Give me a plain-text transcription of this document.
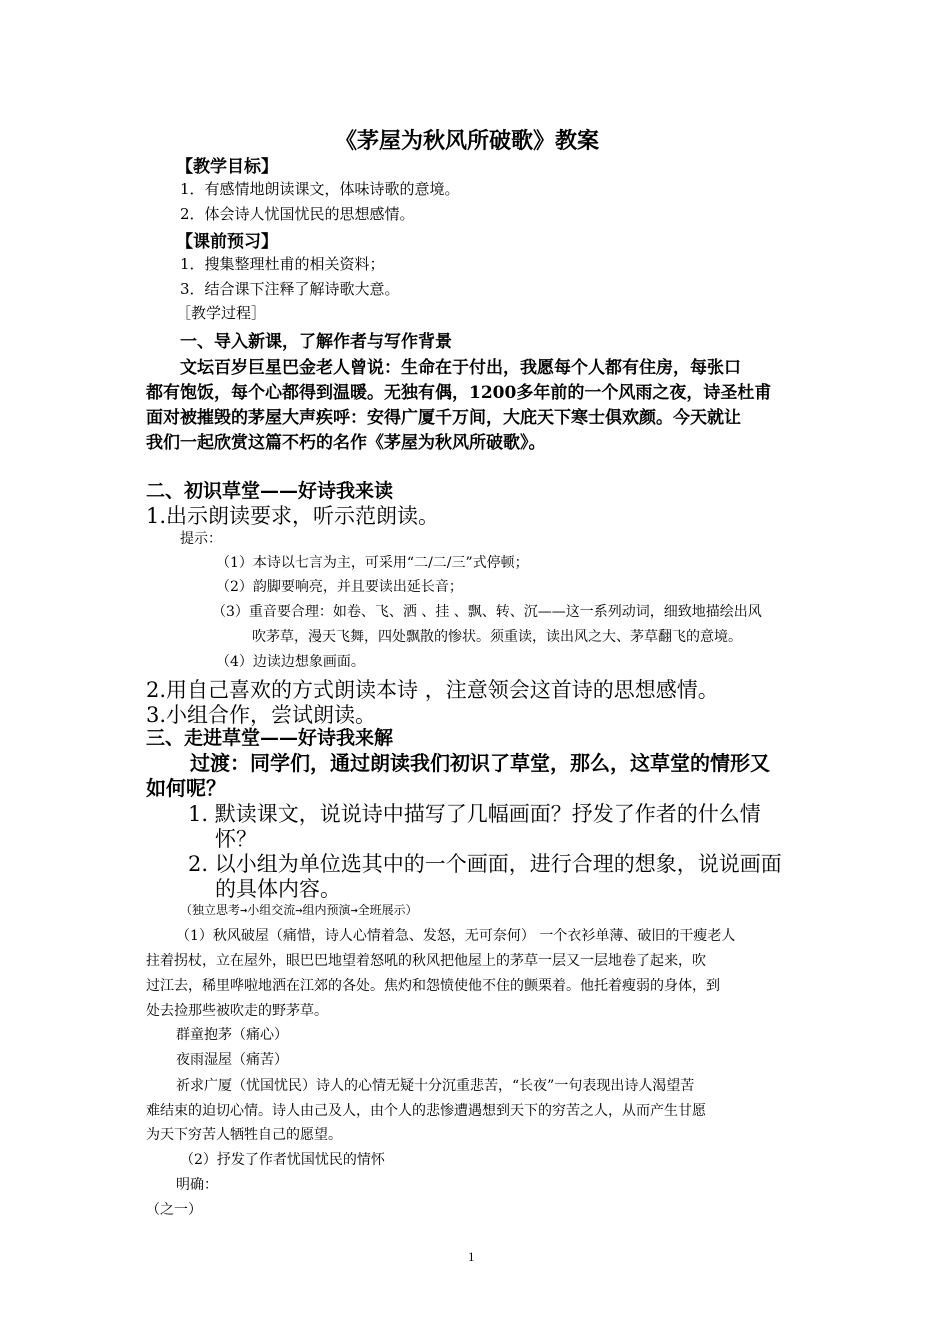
《茅屋为秋风所破歌》教案
【教学目标】
1．有感情地朗读课文，体味诗歌的意境。
2．体会诗人忧国忧民的思想感情。
【课前预习】
1．搜集整理杜甫的相关资料；
3．结合课下注释了解诗歌大意。
［教学过程］
一、导入新课，了解作者与写作背景
文坛百岁巨星巴金老人曾说：生命在于付出，我愿每个人都有住房，每张口
都有饱饭，每个心都得到温暖。无独有偶，1200多年前的一个风雨之夜，诗圣杜甫
面对被摧毁的茅屋大声疾呼：安得广厦千万间，大庇天下寒士俱欢颜。今天就让
我们一起欣赏这篇不朽的名作《茅屋为秋风所破歌》。
二、初识草堂——好诗我来读
1.出示朗读要求，听示范朗读。
提示：
（1）本诗以七言为主，可采用“二/二/三”式停顿；
（2）韵脚要响亮，并且要读出延长音；
（3）重音要合理：如卷、飞、洒 、挂 、飘、转、沉——这一系列动词，细致地描绘出风
吹茅草，漫天飞舞，四处飘散的惨状。须重读，读出风之大、茅草翻飞的意境。
（4）边读边想象画面。
2.用自己喜欢的方式朗读本诗 ，注意领会这首诗的思想感情。
3.小组合作，尝试朗读。
三、走进草堂——好诗我来解
过渡：同学们，通过朗读我们初识了草堂，那么，这草堂的情形又
如何呢？
1. 默读课文，说说诗中描写了几幅画面？抒发了作者的什么情
怀？
2. 以小组为单位选其中的一个画面，进行合理的想象，说说画面
的具体内容。
（独立思考→小组交流→组内预演→全班展示）
（1）秋风破屋（痛惜，诗人心情着急、发怒，无可奈何） 一个衣衫单薄、破旧的干瘦老人
拄着拐杖，立在屋外，眼巴巴地望着怒吼的秋风把他屋上的茅草一层又一层地卷了起来，吹
过江去，稀里哗啦地洒在江郊的各处。焦灼和怨愤使他不住的颤栗着。他托着瘦弱的身体，到
处去捡那些被吹走的野茅草。
群童抱茅（痛心）
夜雨湿屋（痛苦）
祈求广厦（忧国忧民）诗人的心情无疑十分沉重悲苦，“长夜”一句表现出诗人渴望苦
难结束的迫切心情。诗人由己及人，由个人的悲惨遭遇想到天下的穷苦之人，从而产生甘愿
为天下穷苦人牺牲自己的愿望。
（2）抒发了作者忧国忧民的情怀
明确：
（之一）
1
